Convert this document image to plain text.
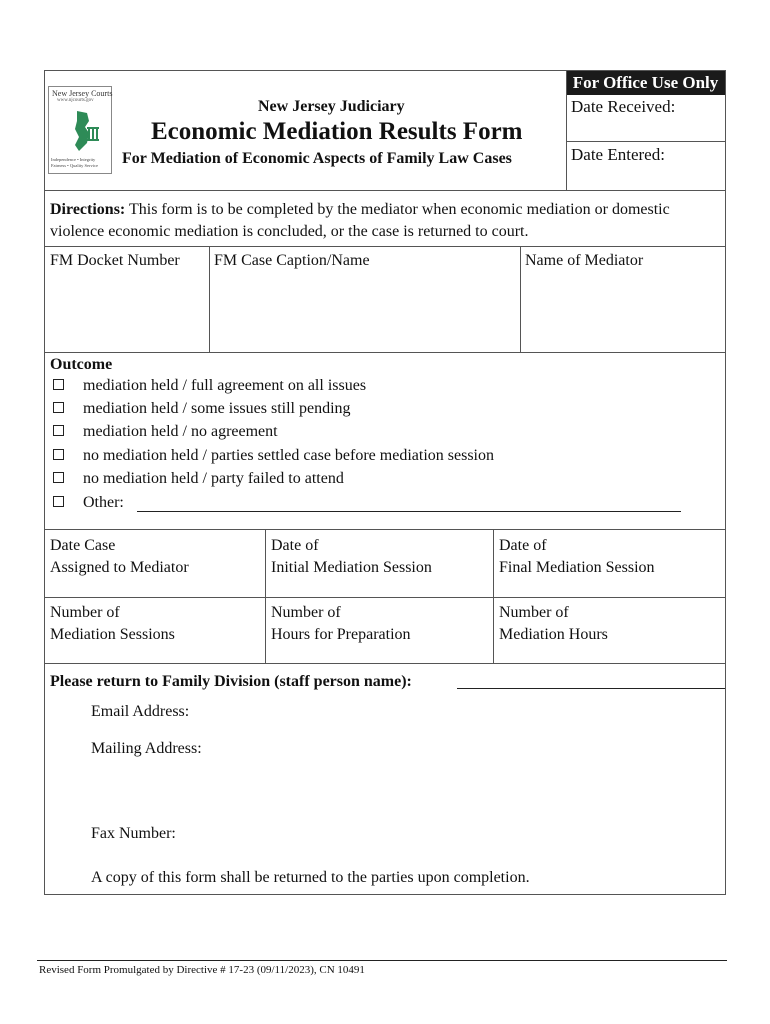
New Jersey Courts
www.njcourts.gov
Independence • Integrity Fairness • Quality Service
New Jersey Judiciary
Economic Mediation Results Form
For Mediation of Economic Aspects of Family Law Cases
For Office Use Only
Date Received:
Date Entered:
Directions: This form is to be completed by the mediator when economic mediation or domestic
violence economic mediation is concluded, or the case is returned to court.
FM Docket Number FM Case Caption/Name	Name of Mediator
Outcome
mediation held / full agreement on all issues
mediation held / some issues still pending
mediation held / no agreement
no mediation held / parties settled case before mediation session
no mediation held / party failed to attend
Other:
Date Case
Assigned to Mediator
Date of
Initial Mediation Session
Date of
Final Mediation Session
Number of
Mediation Sessions
Number of
Hours for Preparation
Number of
Mediation Hours
Please return to Family Division (staff person name):
Email Address:
Mailing Address:
Fax Number:
A copy of this form shall be returned to the parties upon completion.
Revised Form Promulgated by Directive # 17-23 (09/11/2023), CN 10491
